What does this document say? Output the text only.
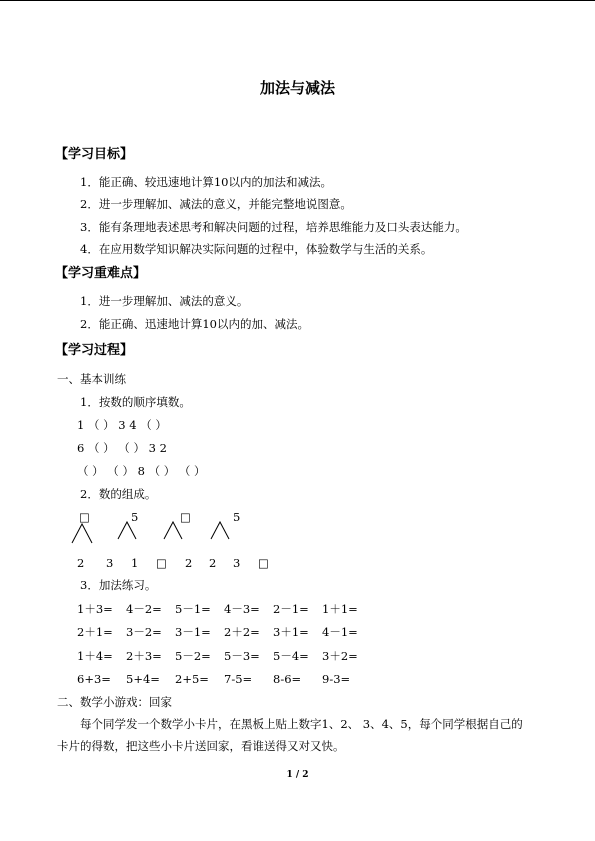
加法与减法
【学习目标】
1．能正确、较迅速地计算10以内的加法和减法。
2．进一步理解加、减法的意义，并能完整地说图意。
3．能有条理地表述思考和解决问题的过程，培养思维能力及口头表达能力。
4．在应用数学知识解决实际问题的过程中，体验数学与生活的关系。
【学习重难点】
1．进一步理解加、减法的意义。
2．能正确、迅速地计算10以内的加、减法。
【学习过程】
一、基本训练
1．按数的顺序填数。
1 （ ） 3 4 （ ）
6 （ ） （ ） 3 2
（ ） （ ） 8 （ ） （ ）
2．数的组成。
□	5	□	5
2 3 1 □ 2 2 3 □
3．加法练习。
1＋3= 4－2= 5－1= 4－3= 2－1= 1＋1=
2＋1= 3－2= 3－1= 2＋2= 3＋1= 4－1=
1＋4= 2＋3= 5－2= 5－3= 5－4= 3＋2=
6+3= 5+4= 2+5= 7-5= 8-6= 9-3=
二、数学小游戏：回家
每个同学发一个数学小卡片，在黑板上贴上数字1、2、 3、4、5，每个同学根据自己的
卡片的得数，把这些小卡片送回家，看谁送得又对又快。
1 / 2
